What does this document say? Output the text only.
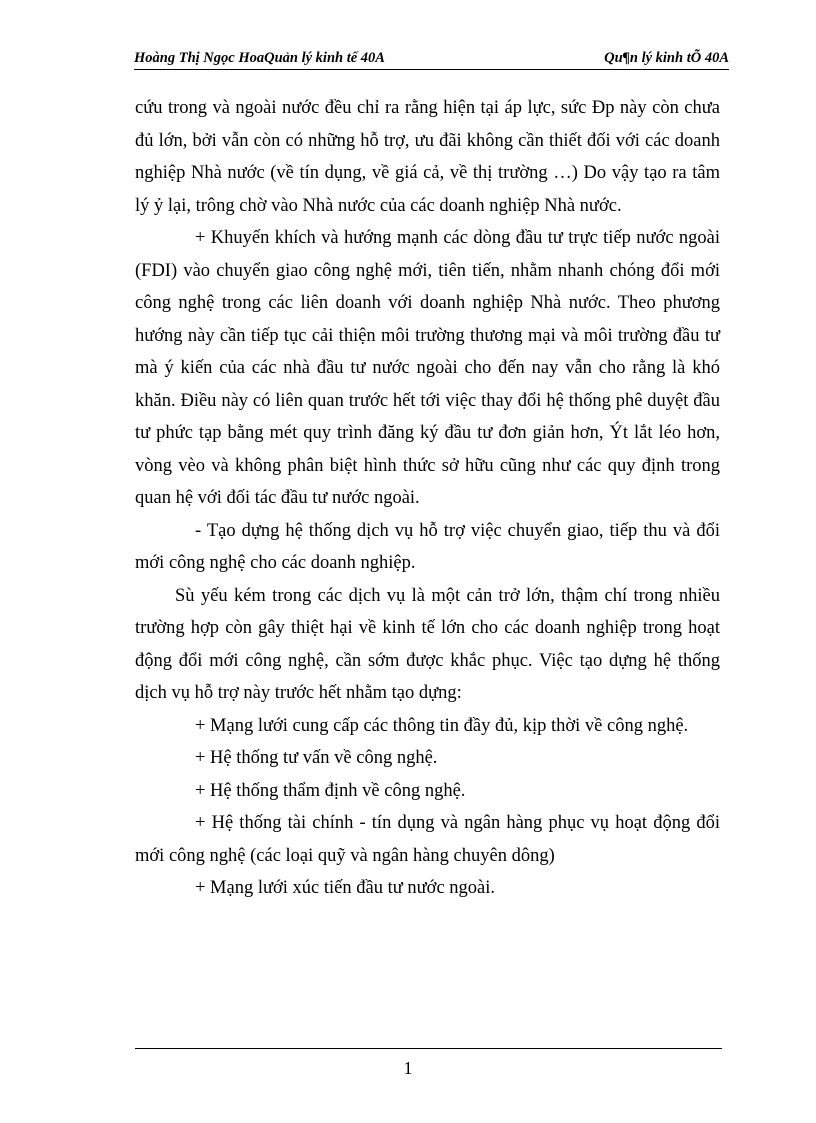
Hoàng Thị Ngọc HoaQuản lý kinh tế 40A	Qu¶n lý kinh tÕ 40A

cứu trong và ngoài nước đều chỉ ra rằng hiện tại áp lực, sức Đp này còn chưa đủ lớn, bởi vẫn còn có những hỗ trợ, ưu đãi không cần thiết đối với các doanh nghiệp Nhà nước (về tín dụng, về giá cả, về thị trường …) Do vậy tạo ra tâm lý ỷ lại, trông chờ vào Nhà nước của các doanh nghiệp Nhà nước.

+ Khuyến khích và hướng mạnh các dòng đầu tư trực tiếp nước ngoài (FDI) vào chuyển giao công nghệ mới, tiên tiến, nhằm nhanh chóng đổi mới công nghệ trong các liên doanh với doanh nghiệp Nhà nước. Theo phương hướng này cần tiếp tục cải thiện môi trường thương mại và môi trường đầu tư mà ý kiến của các nhà đầu tư nước ngoài cho đến nay vẫn cho rằng là khó khăn. Điều này có liên quan trước hết tới việc thay đổi hệ thống phê duyệt đầu tư phức tạp bằng mét quy trình đăng ký đầu tư đơn giản hơn, Ýt lắt léo hơn, vòng vèo và không phân biệt hình thức sở hữu cũng như các quy định trong quan hệ với đối tác đầu tư nước ngoài.

- Tạo dựng hệ thống dịch vụ hỗ trợ việc chuyển giao, tiếp thu và đổi mới công nghệ cho các doanh nghiệp.

Sù yếu kém trong các dịch vụ là một cản trở lớn, thậm chí trong nhiều trường hợp còn gây thiệt hại về kinh tế lớn cho các doanh nghiệp trong hoạt động đổi mới công nghệ, cần sớm được khắc phục. Việc tạo dựng hệ thống dịch vụ hỗ trợ này trước hết nhằm tạo dựng:

+ Mạng lưới cung cấp các thông tin đầy đủ, kịp thời về công nghệ.

+ Hệ thống tư vấn về công nghệ.

+ Hệ thống thẩm định về công nghệ.

+ Hệ thống tài chính - tín dụng và ngân hàng phục vụ hoạt động đổi mới công nghệ (các loại quỹ và ngân hàng chuyên dông)

+ Mạng lưới xúc tiến đầu tư nước ngoài.

1
